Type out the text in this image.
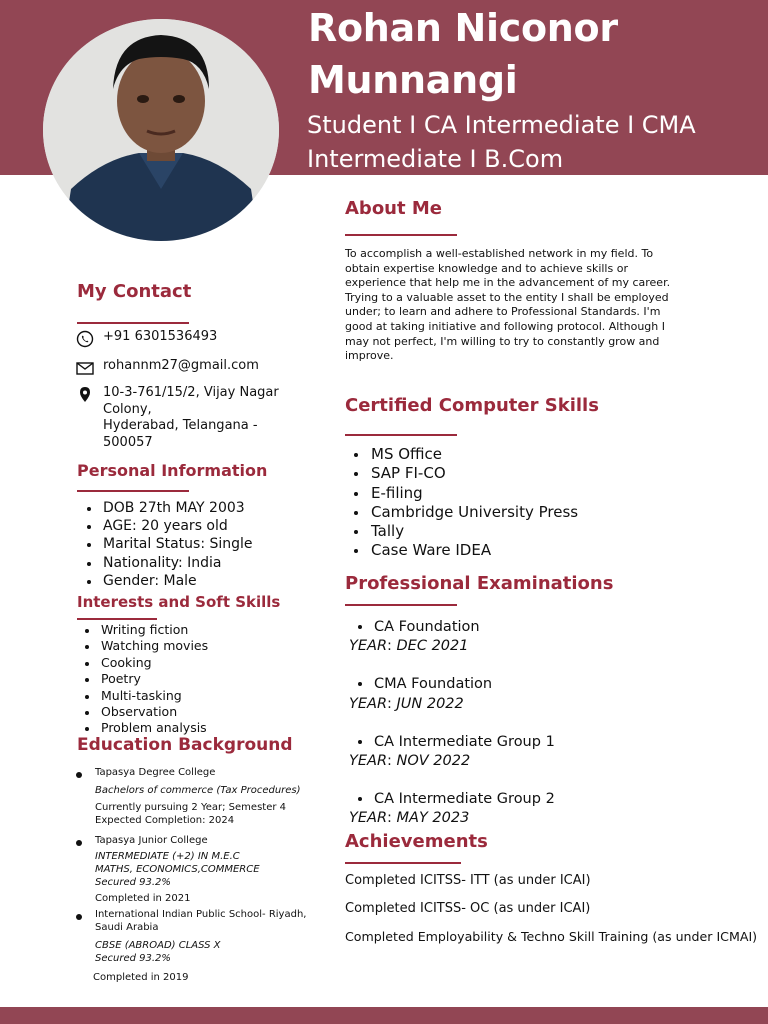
Rohan Niconor
Munnangi
Student I CA Intermediate I CMA
Intermediate I B.Com
About Me
To accomplish a well-established network in my field. To
obtain expertise knowledge and to achieve skills or
experience that help me in the advancement of my career.
Trying to a valuable asset to the entity I shall be employed
under; to learn and adhere to Professional Standards. I'm
good at taking initiative and following protocol. Although I
may not perfect, I'm willing to try to constantly grow and
improve.
My Contact
+91 6301536493
rohannm27@gmail.com
10-3-761/15/2, Vijay Nagar
Colony,
Hyderabad, Telangana -
500057
Personal Information
DOB 27th MAY 2003
AGE: 20 years old
Marital Status: Single
Nationality: India
Gender: Male
Interests and Soft Skills
Writing fiction
Watching movies
Cooking
Poetry
Multi-tasking
Observation
Problem analysis
Education Background
Tapasya Degree College
Bachelors of commerce (Tax Procedures)
Currently pursuing 2 Year; Semester 4
Expected Completion: 2024
Tapasya Junior College
INTERMEDIATE (+2) IN M.E.C
MATHS, ECONOMICS,COMMERCE
Secured 93.2%
Completed in 2021
International Indian Public School- Riyadh,
Saudi Arabia
CBSE (ABROAD) CLASS X
Secured 93.2%
Completed in 2019
Certified Computer Skills
MS Office
SAP FI-CO
E-filing
Cambridge University Press
Tally
Case Ware IDEA
Professional Examinations
CA Foundation
YEAR: DEC 2021
CMA Foundation
YEAR: JUN 2022
CA Intermediate Group 1
YEAR: NOV 2022
CA Intermediate Group 2
YEAR: MAY 2023
Achievements
Completed ICITSS- ITT (as under ICAI)
Completed ICITSS- OC (as under ICAI)
Completed Employability & Techno Skill Training (as under ICMAI)
